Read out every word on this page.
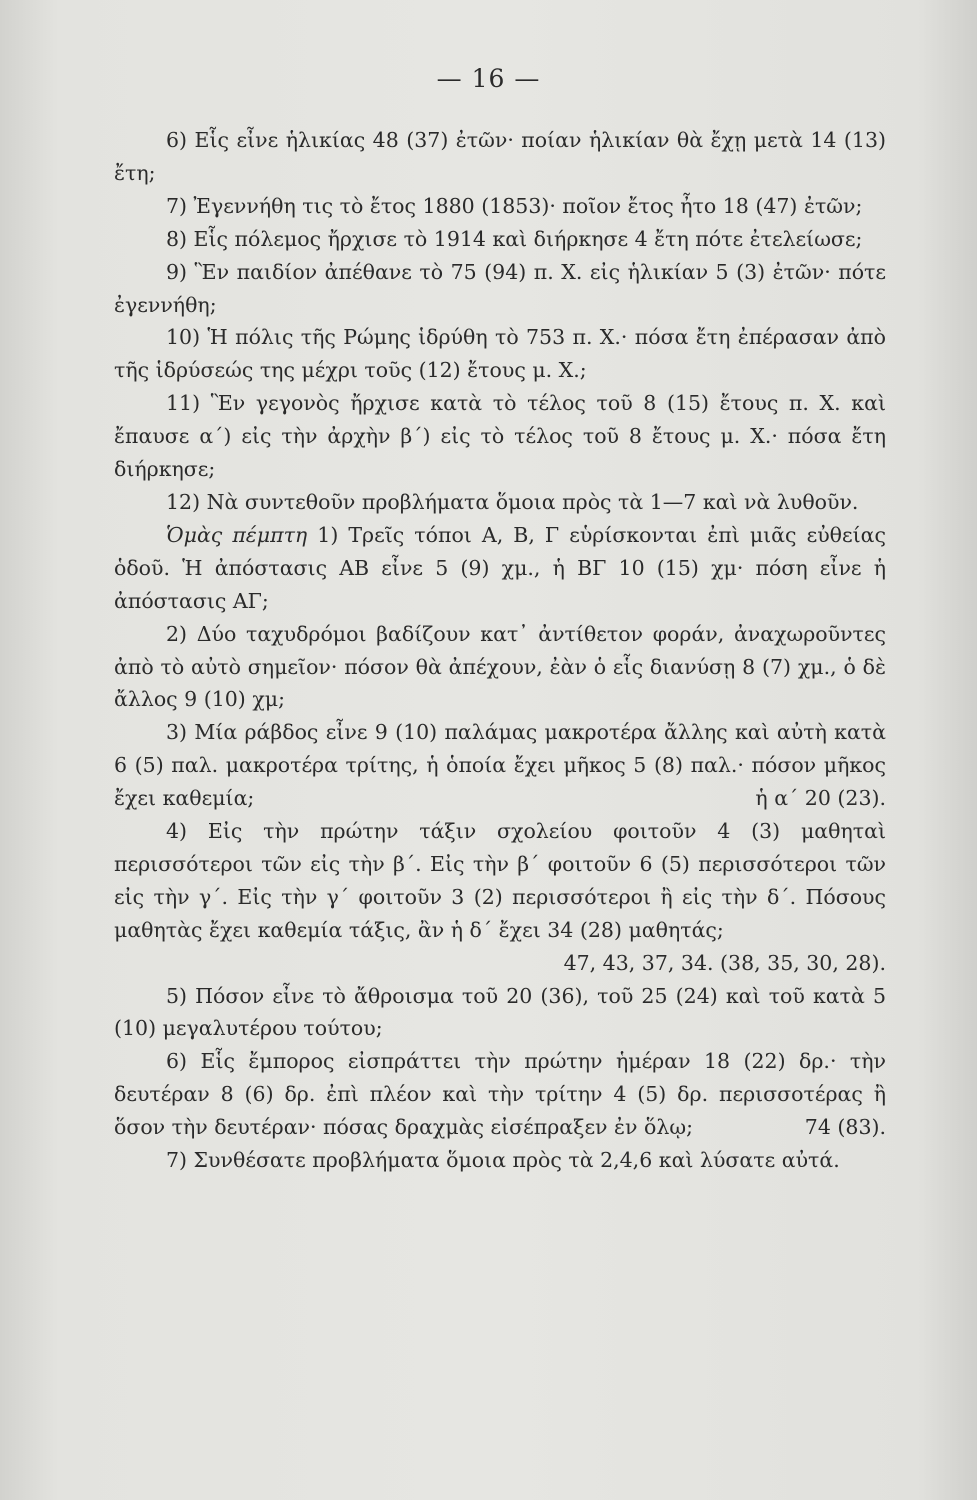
— 16 —

6) Εἷς εἶνε ἡλικίας 48 (37) ἐτῶν· ποίαν ἡλικίαν θὰ ἔχῃ μετὰ 14 (13) ἔτη;

7) Ἐγεννήθη τις τὸ ἔτος 1880 (1853)· ποῖον ἔτος ἦτο 18 (47) ἐτῶν;

8) Εἷς πόλεμος ἤρχισε τὸ 1914 καὶ διήρκησε 4 ἔτη πότε ἐτελείωσε;

9) Ἓν παιδίον ἀπέθανε τὸ 75 (94) π. Χ. εἰς ἡλικίαν 5 (3) ἐτῶν· πότε ἐγεννήθη;

10) Ἡ πόλις τῆς Ρώμης ἱδρύθη τὸ 753 π. Χ.· πόσα ἔτη ἐπέρασαν ἀπὸ τῆς ἱδρύσεώς της μέχρι τοῦς (12) ἔτους μ. Χ.;

11) Ἓν γεγονὸς ἤρχισε κατὰ τὸ τέλος τοῦ 8 (15) ἔτους π. Χ. καὶ ἔπαυσε α΄) εἰς τὴν ἀρχὴν β΄) εἰς τὸ τέλος τοῦ 8 ἔτους μ. Χ.· πόσα ἔτη διήρκησε;

12) Νὰ συντεθοῦν προβλήματα ὅμοια πρὸς τὰ 1—7 καὶ νὰ λυθοῦν.

Ὁμὰς πέμπτη 1) Τρεῖς τόποι Α, Β, Γ εὑρίσκονται ἐπὶ μιᾶς εὐθείας ὁδοῦ. Ἡ ἀπόστασις ΑΒ εἶνε 5 (9) χμ., ἡ ΒΓ 10 (15) χμ· πόση εἶνε ἡ ἀπόστασις ΑΓ;

2) Δύο ταχυδρόμοι βαδίζουν κατ᾽ ἀντίθετον φοράν, ἀναχωροῦντες ἀπὸ τὸ αὐτὸ σημεῖον· πόσον θὰ ἀπέχουν, ἐὰν ὁ εἷς διανύσῃ 8 (7) χμ., ὁ δὲ ἄλλος 9 (10) χμ;

3) Μία ράβδος εἶνε 9 (10) παλάμας μακροτέρα ἄλλης καὶ αὐτὴ κατὰ 6 (5) παλ. μακροτέρα τρίτης, ἡ ὁποία ἔχει μῆκος 5 (8) παλ.· πόσον μῆκος ἔχει καθεμία;	ἡ α΄ 20 (23).

4) Εἰς τὴν πρώτην τάξιν σχολείου φοιτοῦν 4 (3) μαθηταὶ περισσότεροι τῶν εἰς τὴν β΄. Εἰς τὴν β΄ φοιτοῦν 6 (5) περισσότεροι τῶν εἰς τὴν γ΄. Εἰς τὴν γ΄ φοιτοῦν 3 (2) περισσότεροι ἢ εἰς τὴν δ΄. Πόσους μαθητὰς ἔχει καθεμία τάξις, ἂν ἡ δ΄ ἔχει 34 (28) μαθητάς;
47, 43, 37, 34. (38, 35, 30, 28).

5) Πόσον εἶνε τὸ ἄθροισμα τοῦ 20 (36), τοῦ 25 (24) καὶ τοῦ κατὰ 5 (10) μεγαλυτέρου τούτου;

6) Εἷς ἔμπορος εἰσπράττει τὴν πρώτην ἡμέραν 18 (22) δρ.· τὴν δευτέραν 8 (6) δρ. ἐπὶ πλέον καὶ τὴν τρίτην 4 (5) δρ. περισσοτέρας ἢ ὅσον τὴν δευτέραν· πόσας δραχμὰς εἰσέπραξεν ἐν ὅλῳ;	74 (83).

7) Συνθέσατε προβλήματα ὅμοια πρὸς τὰ 2,4,6 καὶ λύσατε αὐτά.
